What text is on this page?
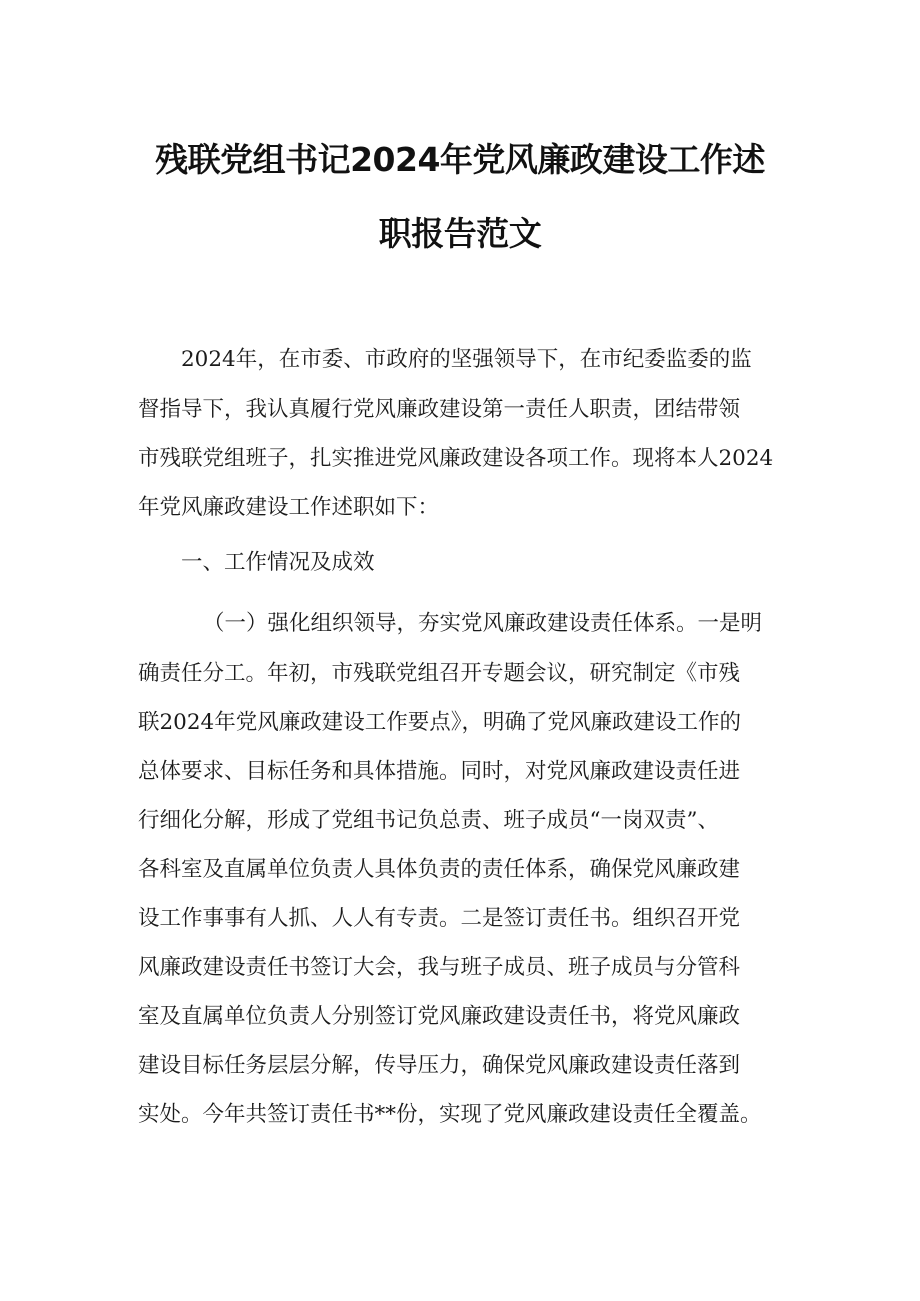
残联党组书记2024年党风廉政建设工作述
职报告范文
2024年，在市委、市政府的坚强领导下，在市纪委监委的监
督指导下，我认真履行党风廉政建设第一责任人职责，团结带领
市残联党组班子，扎实推进党风廉政建设各项工作。现将本人2024
年党风廉政建设工作述职如下：
一、工作情况及成效
（一）强化组织领导，夯实党风廉政建设责任体系。一是明
确责任分工。年初，市残联党组召开专题会议，研究制定《市残
联2024年党风廉政建设工作要点》，明确了党风廉政建设工作的
总体要求、目标任务和具体措施。同时，对党风廉政建设责任进
行细化分解，形成了党组书记负总责、班子成员“一岗双责”、
各科室及直属单位负责人具体负责的责任体系，确保党风廉政建
设工作事事有人抓、人人有专责。二是签订责任书。组织召开党
风廉政建设责任书签订大会，我与班子成员、班子成员与分管科
室及直属单位负责人分别签订党风廉政建设责任书，将党风廉政
建设目标任务层层分解，传导压力，确保党风廉政建设责任落到
实处。今年共签订责任书**份，实现了党风廉政建设责任全覆盖。
